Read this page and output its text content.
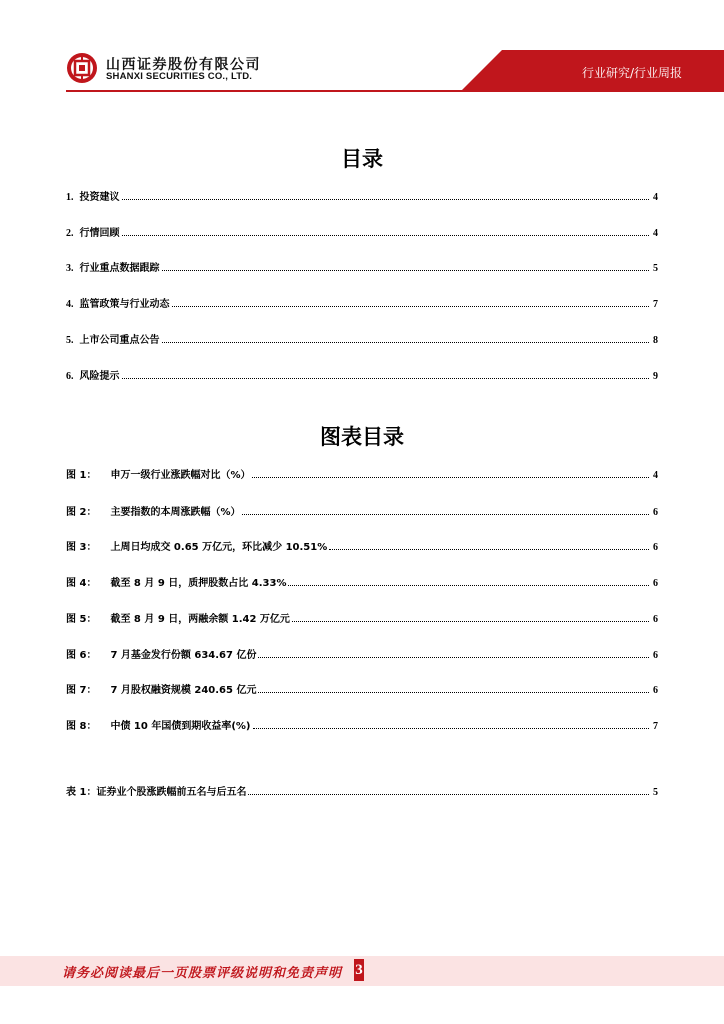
山西证券股份有限公司
SHANXI SECURITIES CO., LTD.	行业研究/行业周报
目录
1. 投资建议	4
2. 行情回顾	4
3. 行业重点数据跟踪	5
4. 监管政策与行业动态	7
5. 上市公司重点公告	8
6. 风险提示	9
图表目录
图 1： 申万一级行业涨跌幅对比（%）	4
图 2： 主要指数的本周涨跌幅（%）	6
图 3： 上周日均成交 0.65 万亿元，环比减少 10.51%	6
图 4： 截至 8 月 9 日，质押股数占比 4.33%	6
图 5： 截至 8 月 9 日，两融余额 1.42 万亿元	6
图 6： 7 月基金发行份额 634.67 亿份	6
图 7： 7 月股权融资规模 240.65 亿元	6
图 8： 中债 10 年国债到期收益率(%)	7
表 1：证券业个股涨跌幅前五名与后五名	5
请务必阅读最后一页股票评级说明和免责声明 3
